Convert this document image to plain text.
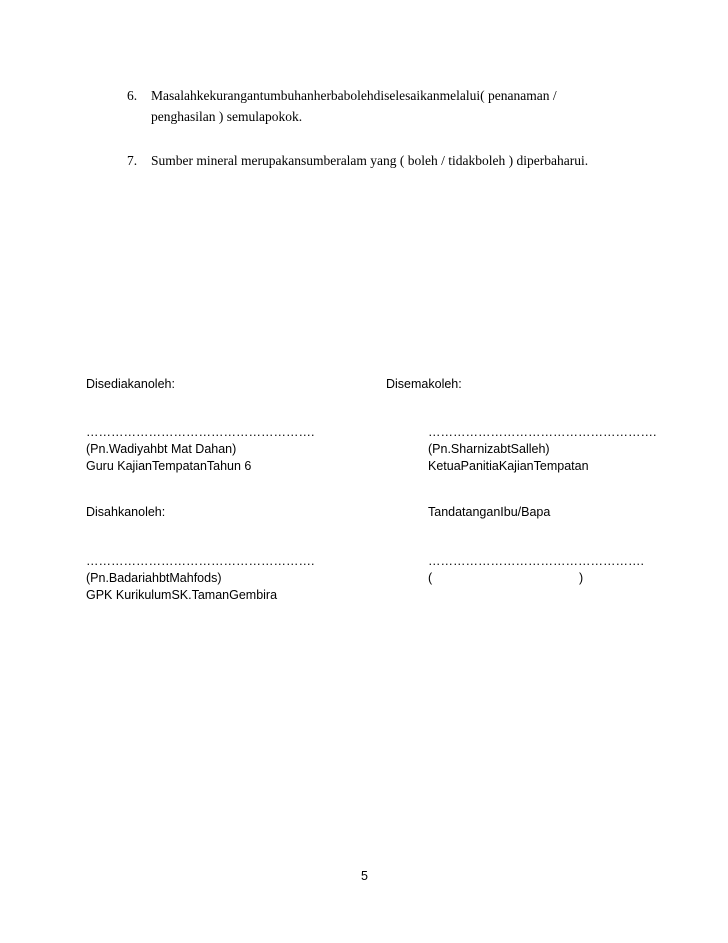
6. Masalahkekurangantumbuhanherbabolehdiselesaikanmelalui( penanaman /
penghasilan ) semulapokok.
7. Sumber mineral merupakansumberalam yang ( boleh / tidakboleh ) diperbaharui.
Disediakanoleh:
……………………………………………….
(Pn.Wadiyahbt Mat Dahan)
Guru KajianTempatanTahun 6
Disemakoleh:
……………………………………………….
(Pn.SharnizabtSalleh)
KetuaPanitiaKajianTempatan
Disahkanoleh:
……………………………………………….
(Pn.BadariahbtMahfods)
GPK KurikulumSK.TamanGembira
TandatanganIbu/Bapa
…………………………………………….
(	)
5
